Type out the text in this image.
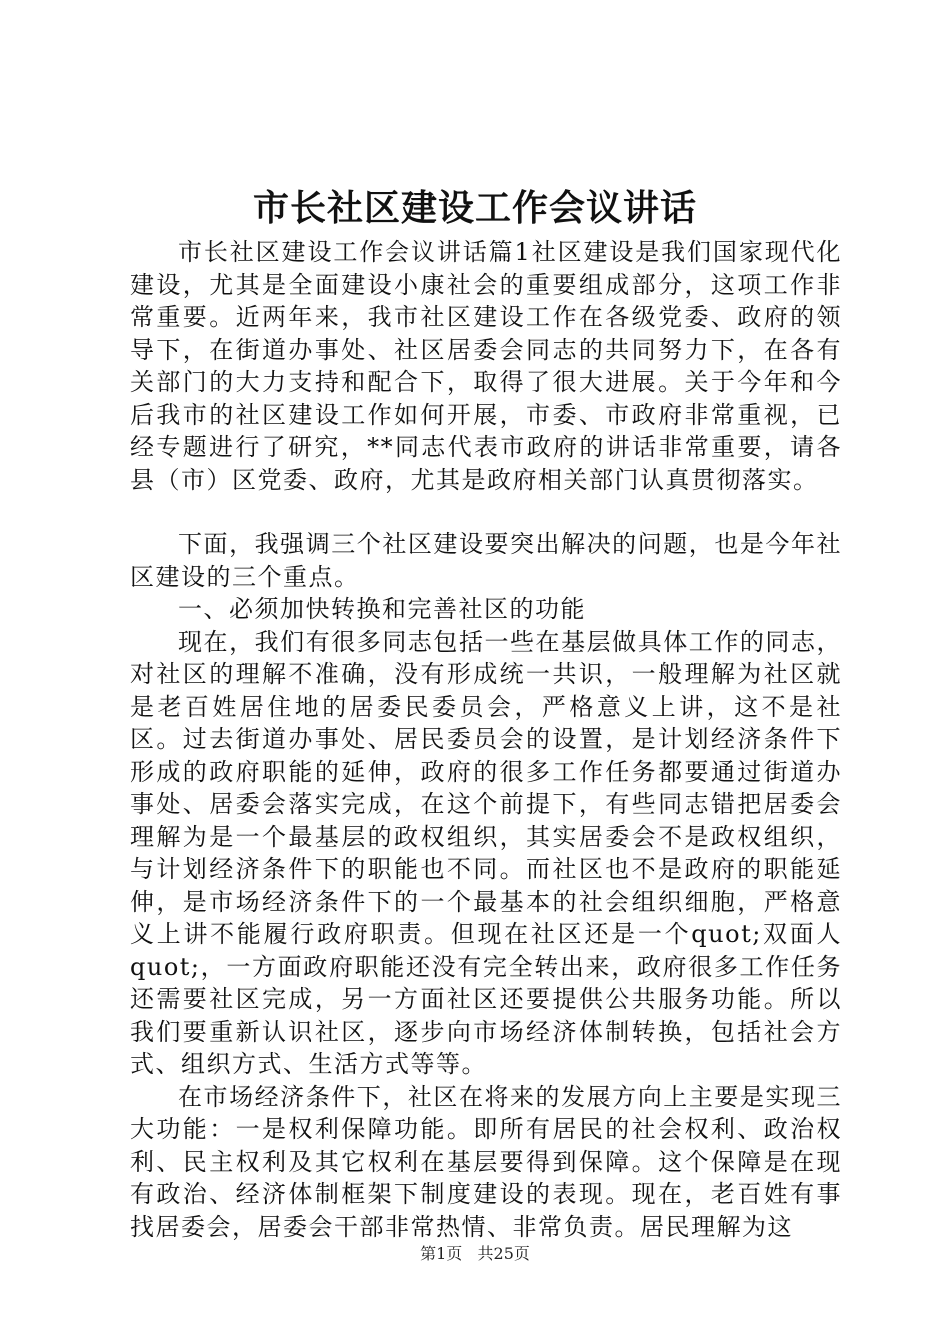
市长社区建设工作会议讲话

市长社区建设工作会议讲话篇1社区建设是我们国家现代化建设，尤其是全面建设小康社会的重要组成部分，这项工作非常重要。近两年来，我市社区建设工作在各级党委、政府的领导下，在街道办事处、社区居委会同志的共同努力下，在各有关部门的大力支持和配合下，取得了很大进展。关于今年和今后我市的社区建设工作如何开展，市委、市政府非常重视，已经专题进行了研究，**同志代表市政府的讲话非常重要，请各县（市）区党委、政府，尤其是政府相关部门认真贯彻落实。

下面，我强调三个社区建设要突出解决的问题，也是今年社区建设的三个重点。

一、必须加快转换和完善社区的功能

现在，我们有很多同志包括一些在基层做具体工作的同志，对社区的理解不准确，没有形成统一共识，一般理解为社区就是老百姓居住地的居委民委员会，严格意义上讲，这不是社区。过去街道办事处、居民委员会的设置，是计划经济条件下形成的政府职能的延伸，政府的很多工作任务都要通过街道办事处、居委会落实完成，在这个前提下，有些同志错把居委会理解为是一个最基层的政权组织，其实居委会不是政权组织，与计划经济条件下的职能也不同。而社区也不是政府的职能延伸，是市场经济条件下的一个最基本的社会组织细胞，严格意义上讲不能履行政府职责。但现在社区还是一个quot;双面人quot;，一方面政府职能还没有完全转出来，政府很多工作任务还需要社区完成，另一方面社区还要提供公共服务功能。所以我们要重新认识社区，逐步向市场经济体制转换，包括社会方式、组织方式、生活方式等等。

在市场经济条件下，社区在将来的发展方向上主要是实现三大功能：一是权利保障功能。即所有居民的社会权利、政治权利、民主权利及其它权利在基层要得到保障。这个保障是在现有政治、经济体制框架下制度建设的表现。现在，老百姓有事找居委会，居委会干部非常热情、非常负责。居民理解为这

第1页 共25页
